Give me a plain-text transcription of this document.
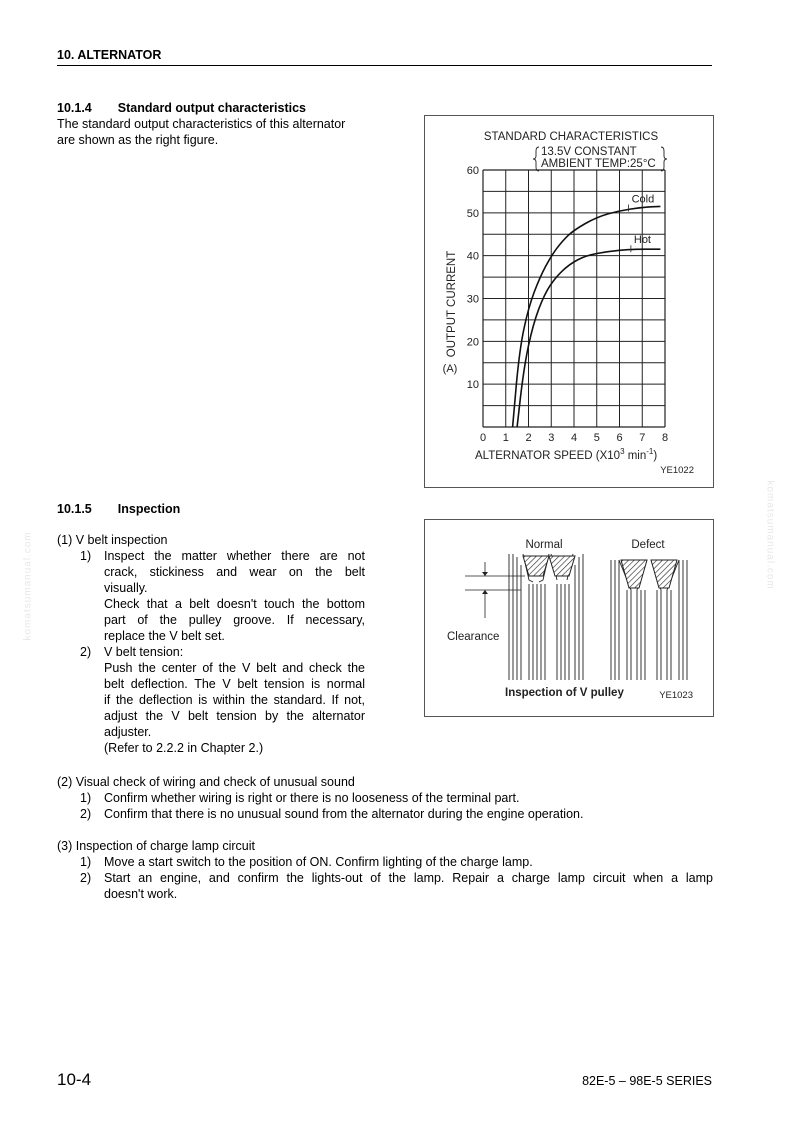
10. ALTERNATOR
10.1.4 Standard output characteristics
The standard output characteristics of this alternator
are shown as the right figure.	STANDARD CHARACTERISTICS
13.5V CONSTANT
AMBIENT TEMP:25°C
10
20
30
40
50
60
0 1 2 3 4 5 6 7 8
Cold
Hot
OUTPUT CURRENT
(A)
ALTERNATOR SPEED ($X10^3$ $\min^{-1}$)
YE1022
10.1.5 Inspection
(1) V belt inspection
1) Inspect the matter whether there are not
crack, stickiness and wear on the belt
visually.
Check that a belt doesn't touch the bottom
part of the pulley groove. If necessary,
replace the V belt set.
2) V belt tension:
Push the center of the V belt and check the
belt deflection. The V belt tension is normal
if the deflection is within the standard. If not,
adjust the V belt tension by the alternator
adjuster.
(Refer to 2.2.2 in Chapter 2.)
Normal	Defect
Clearance
Inspection of V pulley	YE1023
(2) Visual check of wiring and check of unusual sound
1) Confirm whether wiring is right or there is no looseness of the terminal part.
2) Confirm that there is no unusual sound from the alternator during the engine operation.
(3) Inspection of charge lamp circuit
1) Move a start switch to the position of ON. Confirm lighting of the charge lamp.
2) Start an engine, and confirm the lights-out of the lamp. Repair a charge lamp circuit when a lamp
doesn't work.
10-4	82E-5 – 98E-5 SERIES
komatsumanual.com	komatsumanual.com
